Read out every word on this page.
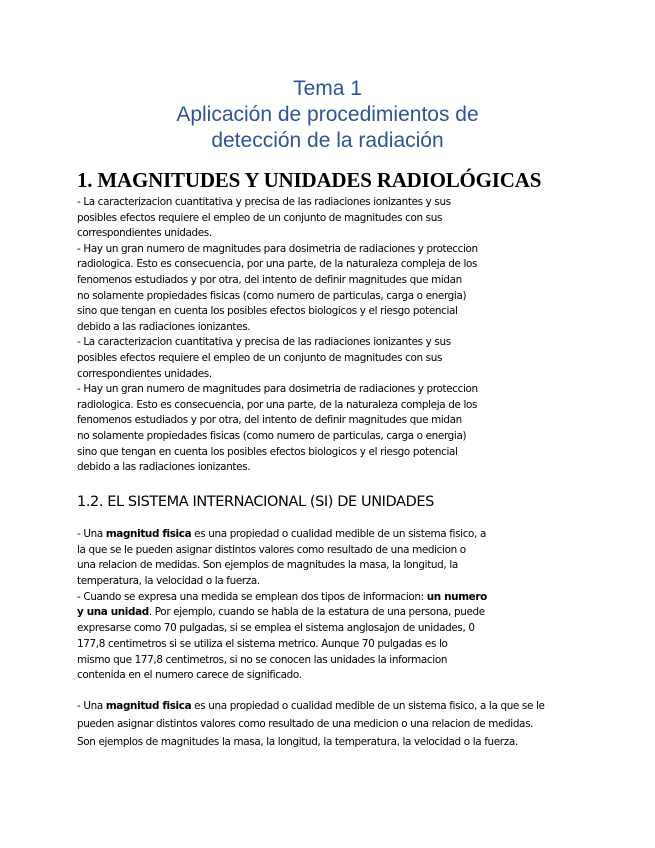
Tema 1
Aplicación de procedimientos de
detección de la radiación
1. MAGNITUDES Y UNIDADES RADIOLÓGICAS
- La caracterizacion cuantitativa y precisa de las radiaciones ionizantes y sus
posibles efectos requiere el empleo de un conjunto de magnitudes con sus
correspondientes unidades.
- Hay un gran numero de magnitudes para dosimetria de radiaciones y proteccion
radiologica. Esto es consecuencia, por una parte, de la naturaleza compleja de los
fenomenos estudiados y por otra, del intento de definir magnitudes que midan
no solamente propiedades fisicas (como numero de particulas, carga o energia)
sino que tengan en cuenta los posibles efectos biologicos y el riesgo potencial
debido a las radiaciones ionizantes.
- La caracterizacion cuantitativa y precisa de las radiaciones ionizantes y sus
posibles efectos requiere el empleo de un conjunto de magnitudes con sus
correspondientes unidades.
- Hay un gran numero de magnitudes para dosimetria de radiaciones y proteccion
radiologica. Esto es consecuencia, por una parte, de la naturaleza compleja de los
fenomenos estudiados y por otra, del intento de definir magnitudes que midan
no solamente propiedades fisicas (como numero de particulas, carga o energia)
sino que tengan en cuenta los posibles efectos biologicos y el riesgo potencial
debido a las radiaciones ionizantes.
1.2. EL SISTEMA INTERNACIONAL (SI) DE UNIDADES
- Una magnitud fisica es una propiedad o cualidad medible de un sistema fisico, a
la que se le pueden asignar distintos valores como resultado de una medicion o
una relacion de medidas. Son ejemplos de magnitudes la masa, la longitud, la
temperatura, la velocidad o la fuerza.
- Cuando se expresa una medida se emplean dos tipos de informacion: un numero
y una unidad. Por ejemplo, cuando se habla de la estatura de una persona, puede
expresarse como 70 pulgadas, si se emplea el sistema anglosajon de unidades, 0
177,8 centimetros si se utiliza el sistema metrico. Aunque 70 pulgadas es lo
mismo que 177,8 centimetros, si no se conocen las unidades la informacion
contenida en el numero carece de significado.
- Una magnitud fisica es una propiedad o cualidad medible de un sistema fisico, a la que se le
pueden asignar distintos valores como resultado de una medicion o una relacion de medidas.
Son ejemplos de magnitudes la masa, la longitud, la temperatura, la velocidad o la fuerza.
